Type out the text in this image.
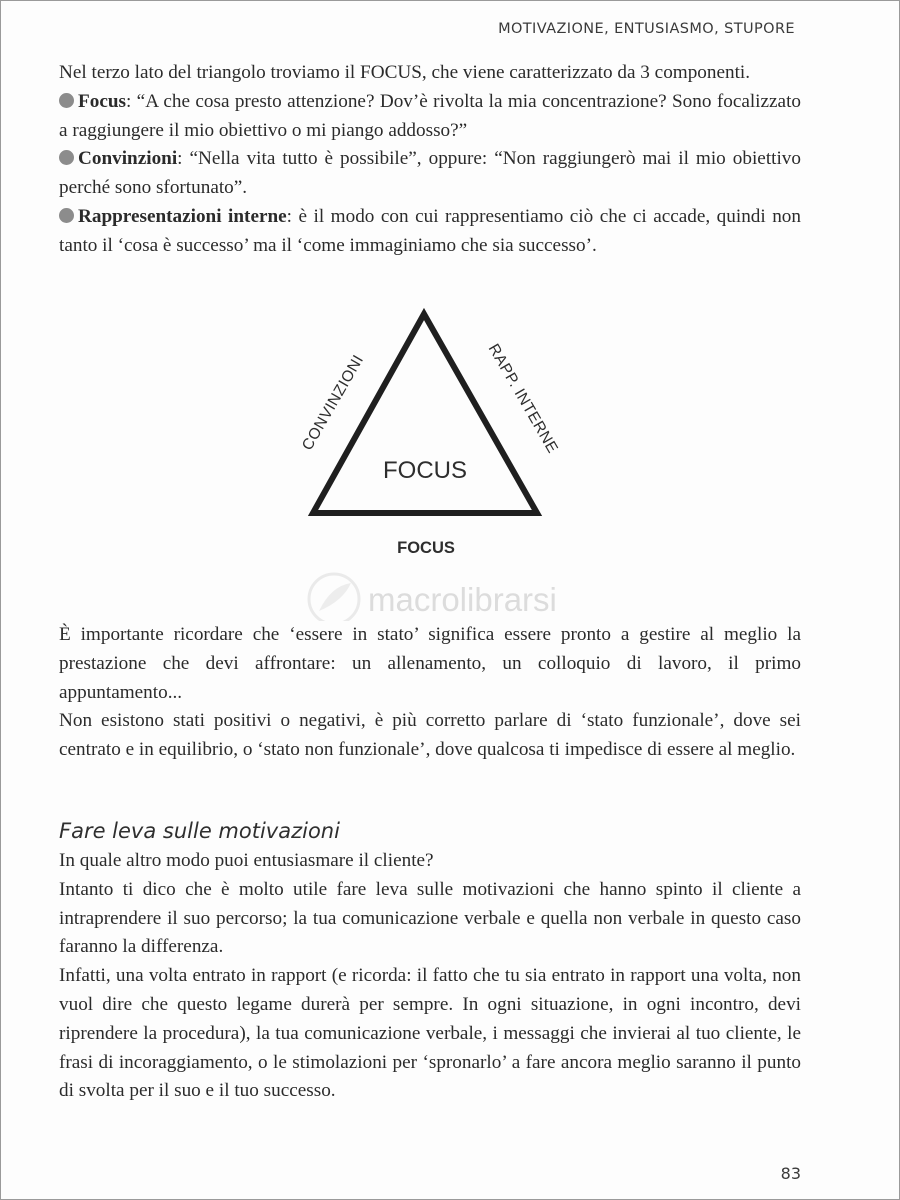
MOTIVAZIONE, ENTUSIASMO, STUPORE

Nel terzo lato del triangolo troviamo il FOCUS, che viene caratterizzato da 3 componenti.

Focus: “A che cosa presto attenzione? Dov’è rivolta la mia concentrazione? Sono focalizzato a raggiungere il mio obiettivo o mi piango addosso?”

Convinzioni: “Nella vita tutto è possibile”, oppure: “Non raggiungerò mai il mio obiettivo perché sono sfortunato”.

Rappresentazioni interne: è il modo con cui rappresentiamo ciò che ci accade, quindi non tanto il ‘cosa è successo’ ma il ‘come immaginiamo che sia successo’.

FOCUS
CONVINZIONI	RAPP. INTERNE
FOCUS
macrolibrarsi

È importante ricordare che ‘essere in stato’ significa essere pronto a gestire al meglio la prestazione che devi affrontare: un allenamento, un colloquio di lavoro, il primo appuntamento...

Non esistono stati positivi o negativi, è più corretto parlare di ‘stato funzionale’, dove sei centrato e in equilibrio, o ‘stato non funzionale’, dove qualcosa ti impedisce di essere al meglio.

Fare leva sulle motivazioni

In quale altro modo puoi entusiasmare il cliente?

Intanto ti dico che è molto utile fare leva sulle motivazioni che hanno spinto il cliente a intraprendere il suo percorso; la tua comunicazione verbale e quella non verbale in questo caso faranno la differenza.

Infatti, una volta entrato in rapport (e ricorda: il fatto che tu sia entrato in rapport una volta, non vuol dire che questo legame durerà per sempre. In ogni situazione, in ogni incontro, devi riprendere la procedura), la tua comunicazione verbale, i messaggi che invierai al tuo cliente, le frasi di incoraggiamento, o le stimolazioni per ‘spronarlo’ a fare ancora meglio saranno il punto di svolta per il suo e il tuo successo.

83
